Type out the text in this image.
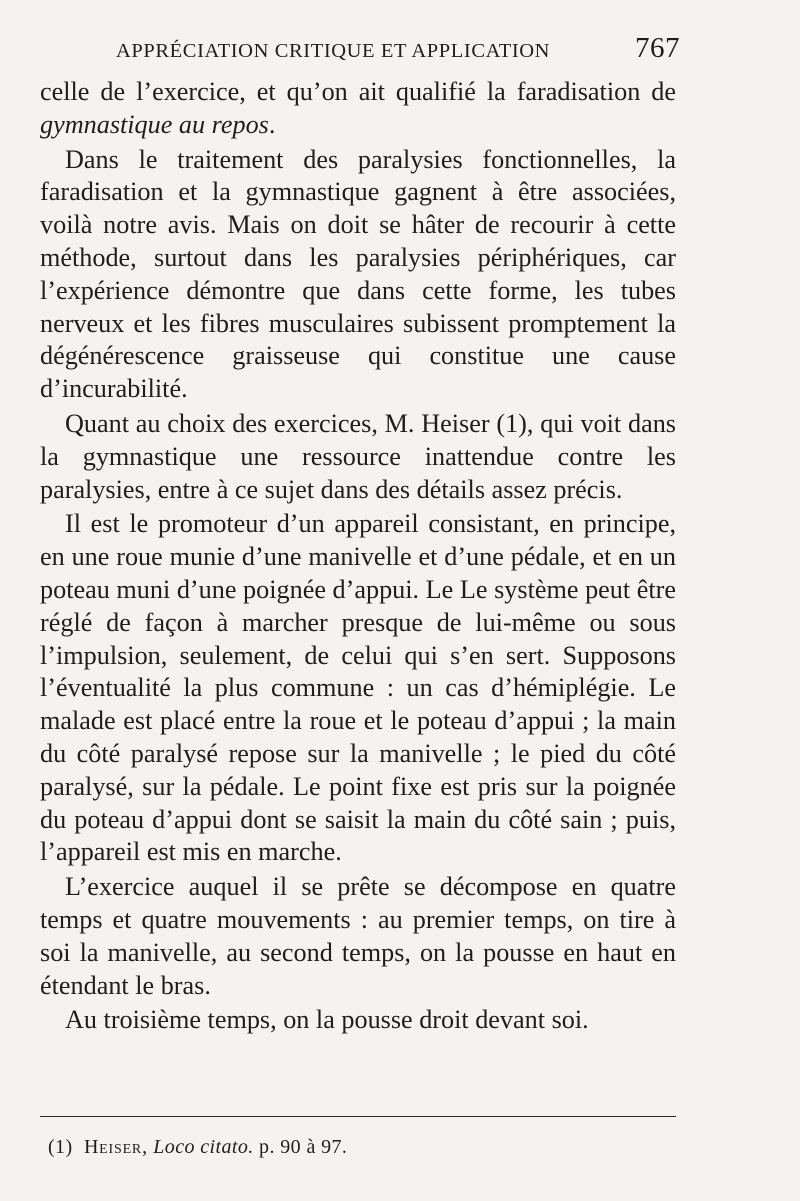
APPRÉCIATION CRITIQUE ET APPLICATION	767

celle de l’exercice, et qu’on ait qualifié la faradisation de gymnastique au repos.

Dans le traitement des paralysies fonctionnelles, la faradisation et la gymnastique gagnent à être associées, voilà notre avis. Mais on doit se hâter de recourir à cette méthode, surtout dans les paralysies périphériques, car l’expérience démontre que dans cette forme, les tubes nerveux et les fibres musculaires subissent promptement la dégénérescence graisseuse qui constitue une cause d’incurabilité.

Quant au choix des exercices, M. Heiser (1), qui voit dans la gymnastique une ressource inattendue contre les paralysies, entre à ce sujet dans des détails assez précis.

Il est le promoteur d’un appareil consistant, en principe, en une roue munie d’une manivelle et d’une pédale, et en un poteau muni d’une poignée d’appui. Le Le système peut être réglé de façon à marcher presque de lui-même ou sous l’impulsion, seulement, de celui qui s’en sert. Supposons l’éventualité la plus commune : un cas d’hémiplégie. Le malade est placé entre la roue et le poteau d’appui ; la main du côté paralysé repose sur la manivelle ; le pied du côté paralysé, sur la pédale. Le point fixe est pris sur la poignée du poteau d’appui dont se saisit la main du côté sain ; puis, l’appareil est mis en marche.

L’exercice auquel il se prête se décompose en quatre temps et quatre mouvements : au premier temps, on tire à soi la manivelle, au second temps, on la pousse en haut en étendant le bras.

Au troisième temps, on la pousse droit devant soi.

(1) Heiser, Loco citato. p. 90 à 97.
